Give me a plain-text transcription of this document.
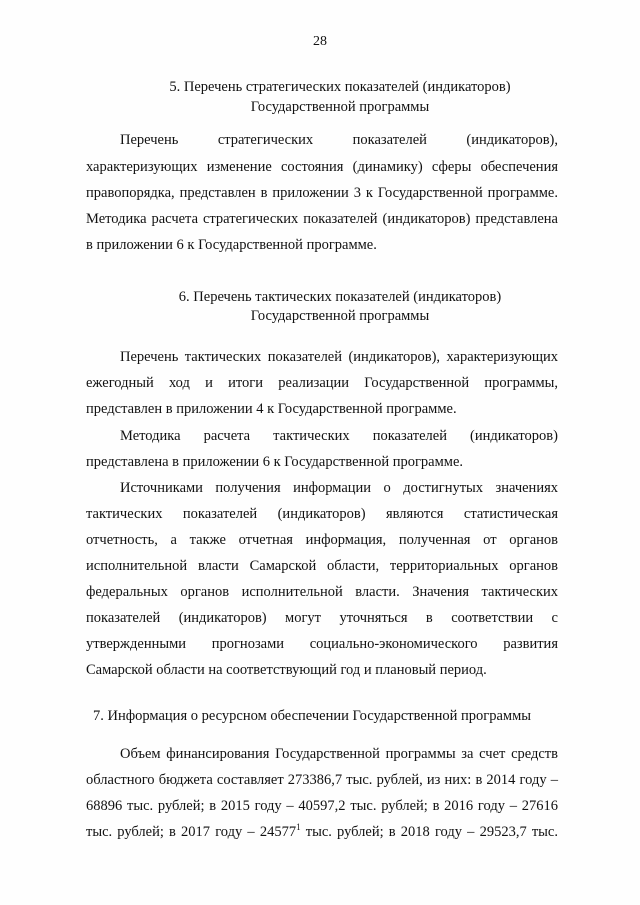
28
5. Перечень стратегических показателей (индикаторов)
Государственной программы
Перечень стратегических показателей (индикаторов),
характеризующих изменение состояния (динамику) сферы обеспечения
правопорядка, представлен в приложении 3 к Государственной программе.
Методика расчета стратегических показателей (индикаторов) представлена
в приложении 6 к Государственной программе.
6. Перечень тактических показателей (индикаторов)
Государственной программы
Перечень тактических показателей (индикаторов), характеризующих
ежегодный ход и итоги реализации Государственной программы,
представлен в приложении 4 к Государственной программе.
Методика расчета тактических показателей (индикаторов)
представлена в приложении 6 к Государственной программе.
Источниками получения информации о достигнутых значениях
тактических показателей (индикаторов) являются статистическая
отчетность, а также отчетная информация, полученная от органов
исполнительной власти Самарской области, территориальных органов
федеральных органов исполнительной власти. Значения тактических
показателей (индикаторов) могут уточняться в соответствии с
утвержденными прогнозами социально-экономического развития
Самарской области на соответствующий год и плановый период.
7. Информация о ресурсном обеспечении Государственной программы
Объем финансирования Государственной программы за счет средств
областного бюджета составляет 273386,7 тыс. рублей, из них: в 2014 году –
68896 тыс. рублей; в 2015 году – 40597,2 тыс. рублей; в 2016 году – 27616
тыс. рублей; в 2017 году – 24577$^1$ тыс. рублей; в 2018 году – 29523,7 тыс.
